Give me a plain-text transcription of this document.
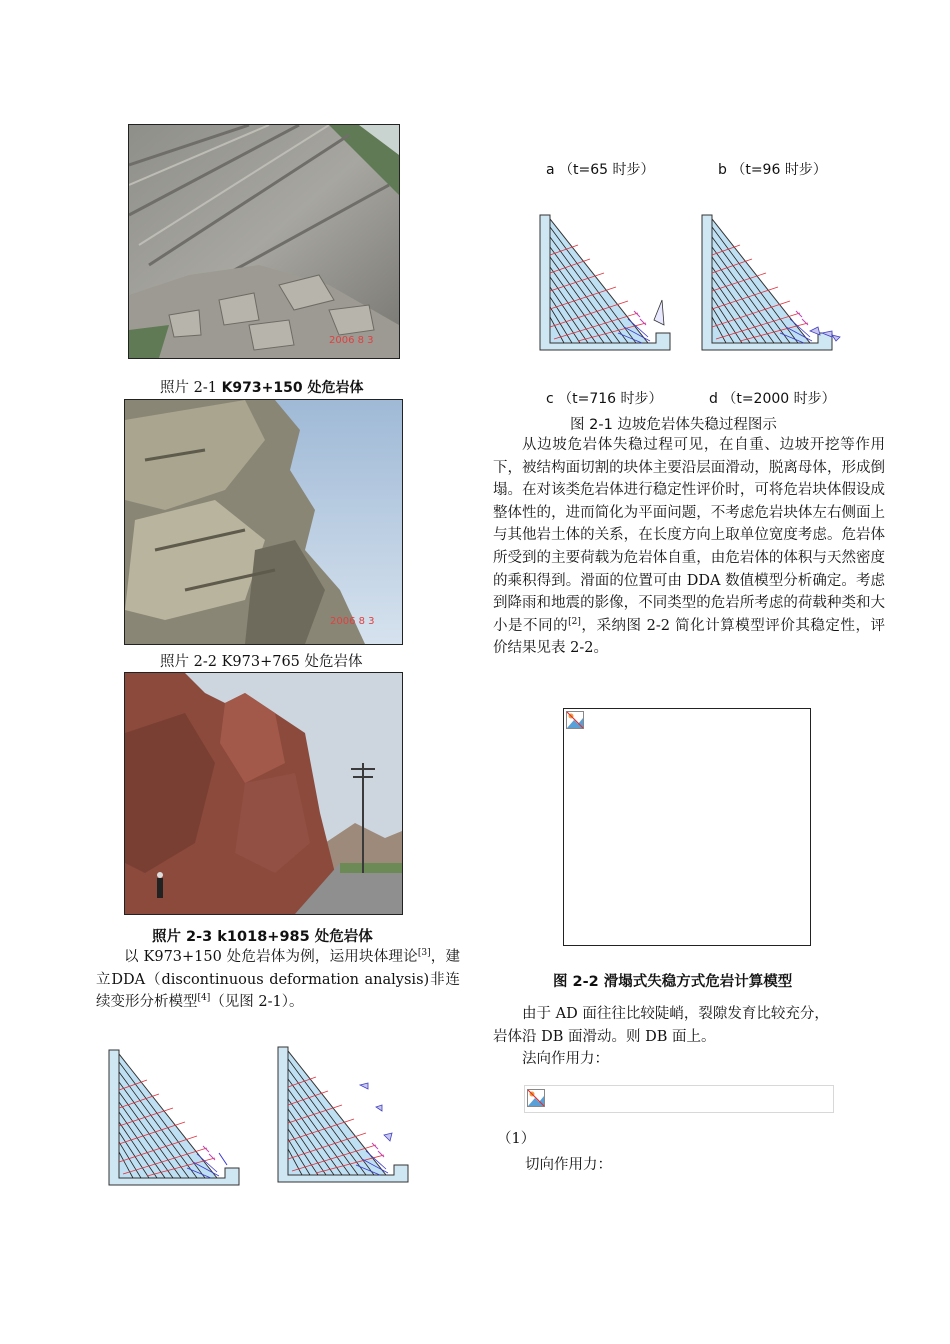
2006 8 3
照片 2-1 K973+150 处危岩体
2006 8 3
照片 2-2 K973+765 处危岩体
照片 2-3 k1018+985 处危岩体
以 K973+150 处危岩体为例，运用块体理论[3]，建立DDA（discontinuous deformation analysis)非连续变形分析模型[4]（见图 2-1）。
a （t=65 时步）	b （t=96 时步）
c （t=716 时步）	d （t=2000 时步）
图 2-1 边坡危岩体失稳过程图示
从边坡危岩体失稳过程可见，在自重、边坡开挖等作用下，被结构面切割的块体主要沿层面滑动，脱离母体，形成倒塌。在对该类危岩体进行稳定性评价时，可将危岩块体假设成整体性的，进而简化为平面问题，不考虑危岩块体左右侧面上与其他岩土体的关系，在长度方向上取单位宽度考虑。危岩体所受到的主要荷载为危岩体自重，由危岩体的体积与天然密度的乘积得到。滑面的位置可由 DDA 数值模型分析确定。考虑到降雨和地震的影像，不同类型的危岩所考虑的荷载种类和大小是不同的[2]，采纳图 2-2 简化计算模型评价其稳定性，评价结果见表 2-2。
图 2-2 滑塌式失稳方式危岩计算模型

由于 AD 面往往比较陡峭，裂隙发育比较充分，

岩体沿 DB 面滑动。则 DB 面上。

法向作用力：

（1）
切向作用力：
